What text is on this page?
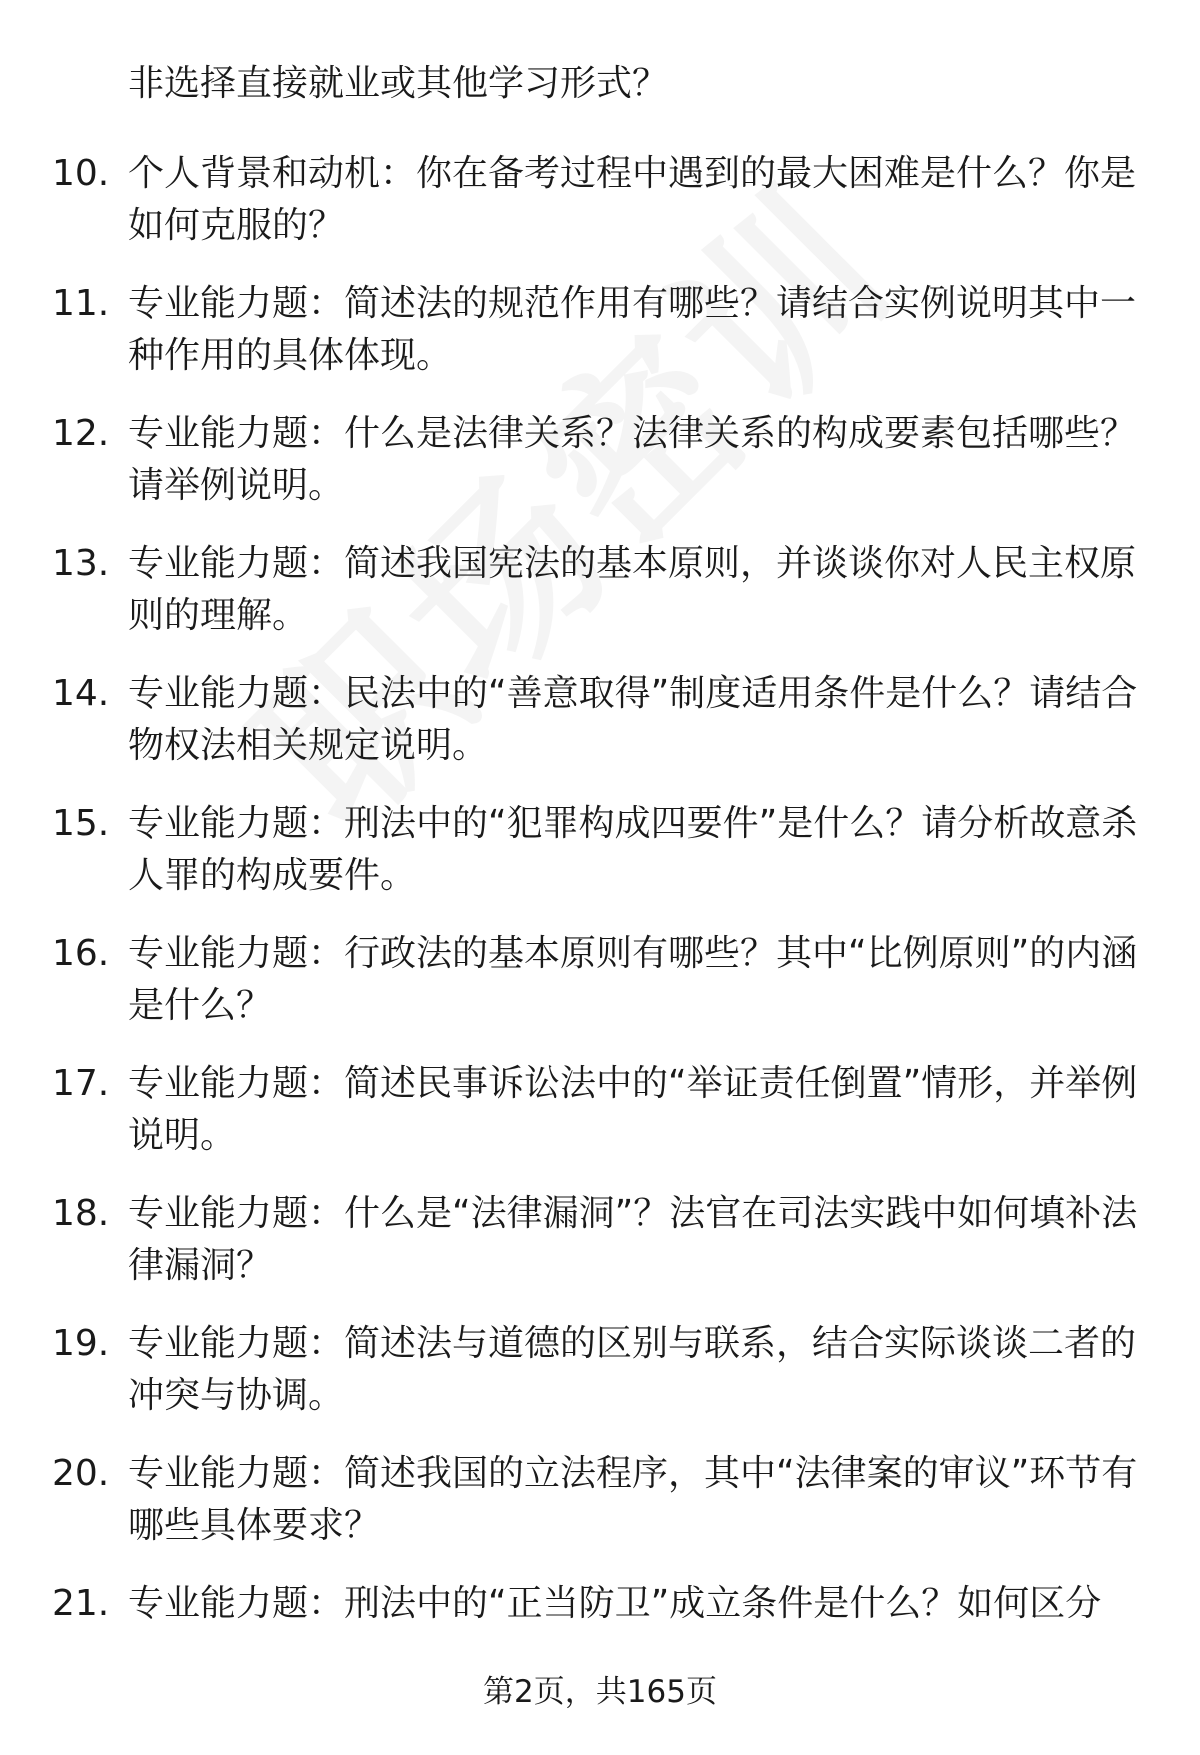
非选择直接就业或其他学习形式？
10. 个人背景和动机：你在备考过程中遇到的最大困难是什么？你是如何克服的？
11. 专业能力题：简述法的规范作用有哪些？请结合实例说明其中一种作用的具体体现。
12. 专业能力题：什么是法律关系？法律关系的构成要素包括哪些？请举例说明。
13. 专业能力题：简述我国宪法的基本原则，并谈谈你对人民主权原则的理解。
14. 专业能力题：民法中的“善意取得”制度适用条件是什么？请结合物权法相关规定说明。
15. 专业能力题：刑法中的“犯罪构成四要件”是什么？请分析故意杀人罪的构成要件。
16. 专业能力题：行政法的基本原则有哪些？其中“比例原则”的内涵是什么？
17. 专业能力题：简述民事诉讼法中的“举证责任倒置”情形，并举例说明。
18. 专业能力题：什么是“法律漏洞”？法官在司法实践中如何填补法律漏洞？
19. 专业能力题：简述法与道德的区别与联系，结合实际谈谈二者的冲突与协调。
20. 专业能力题：简述我国的立法程序，其中“法律案的审议”环节有哪些具体要求？
21. 专业能力题：刑法中的“正当防卫”成立条件是什么？如何区分
第2页，共165页
